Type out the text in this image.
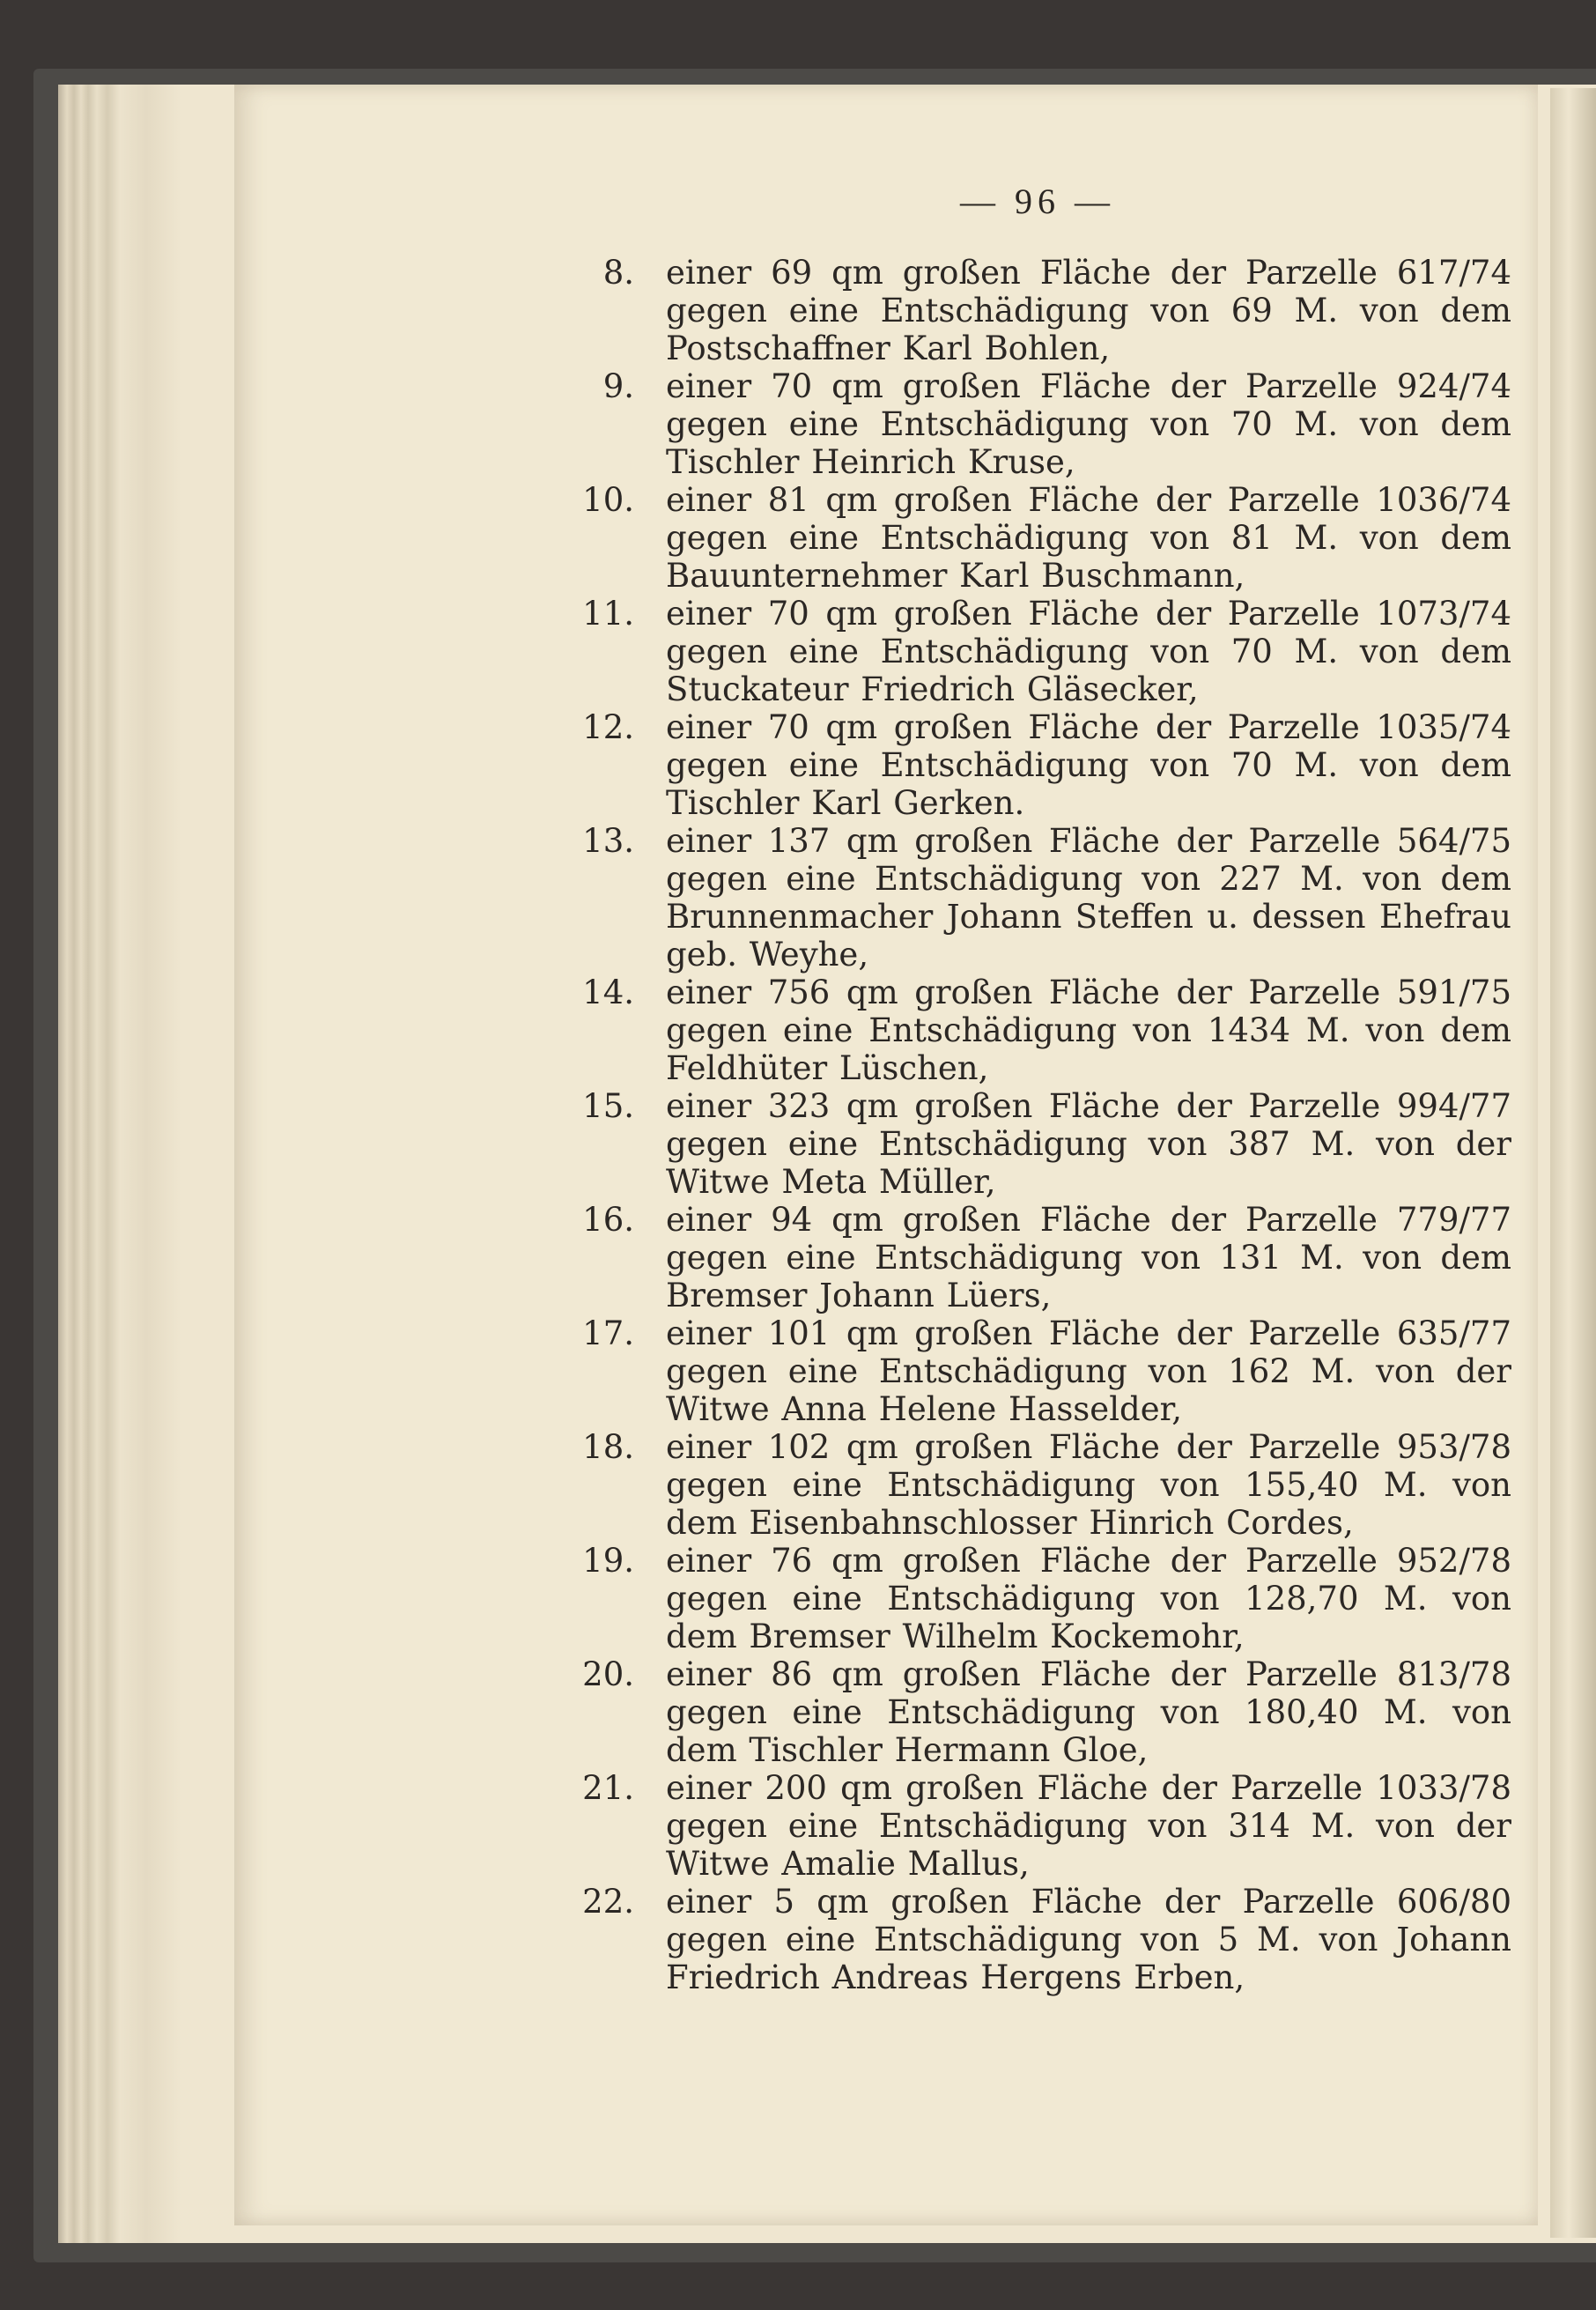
— 96 —
8. einer 69 qm großen Fläche der Parzelle 617/74 gegen eine Entschädigung von 69 M. von dem Postschaffner Karl Bohlen,
9. einer 70 qm großen Fläche der Parzelle 924/74 gegen eine Entschädigung von 70 M. von dem Tischler Heinrich Kruse,
10. einer 81 qm großen Fläche der Parzelle 1036/74 gegen eine Entschädigung von 81 M. von dem Bauunternehmer Karl Buschmann,
11. einer 70 qm großen Fläche der Parzelle 1073/74 gegen eine Entschädigung von 70 M. von dem Stuckateur Friedrich Gläsecker,
12. einer 70 qm großen Fläche der Parzelle 1035/74 gegen eine Entschädigung von 70 M. von dem Tischler Karl Gerken.
13. einer 137 qm großen Fläche der Parzelle 564/75 gegen eine Entschädigung von 227 M. von dem Brunnenmacher Johann Steffen u. dessen Ehefrau geb. Weyhe,
14. einer 756 qm großen Fläche der Parzelle 591/75 gegen eine Entschädigung von 1434 M. von dem Feldhüter Lüschen,
15. einer 323 qm großen Fläche der Parzelle 994/77 gegen eine Entschädigung von 387 M. von der Witwe Meta Müller,
16. einer 94 qm großen Fläche der Parzelle 779/77 gegen eine Entschädigung von 131 M. von dem Bremser Johann Lüers,
17. einer 101 qm großen Fläche der Parzelle 635/77 gegen eine Entschädigung von 162 M. von der Witwe Anna Helene Hasselder,
18. einer 102 qm großen Fläche der Parzelle 953/78 gegen eine Entschädigung von 155,40 M. von dem Eisenbahnschlosser Hinrich Cordes,
19. einer 76 qm großen Fläche der Parzelle 952/78 gegen eine Entschädigung von 128,70 M. von dem Bremser Wilhelm Kockemohr,
20. einer 86 qm großen Fläche der Parzelle 813/78 gegen eine Entschädigung von 180,40 M. von dem Tischler Hermann Gloe,
21. einer 200 qm großen Fläche der Parzelle 1033/78 gegen eine Entschädigung von 314 M. von der Witwe Amalie Mallus,
22. einer 5 qm großen Fläche der Parzelle 606/80 gegen eine Entschädigung von 5 M. von Johann Friedrich Andreas Hergens Erben,
